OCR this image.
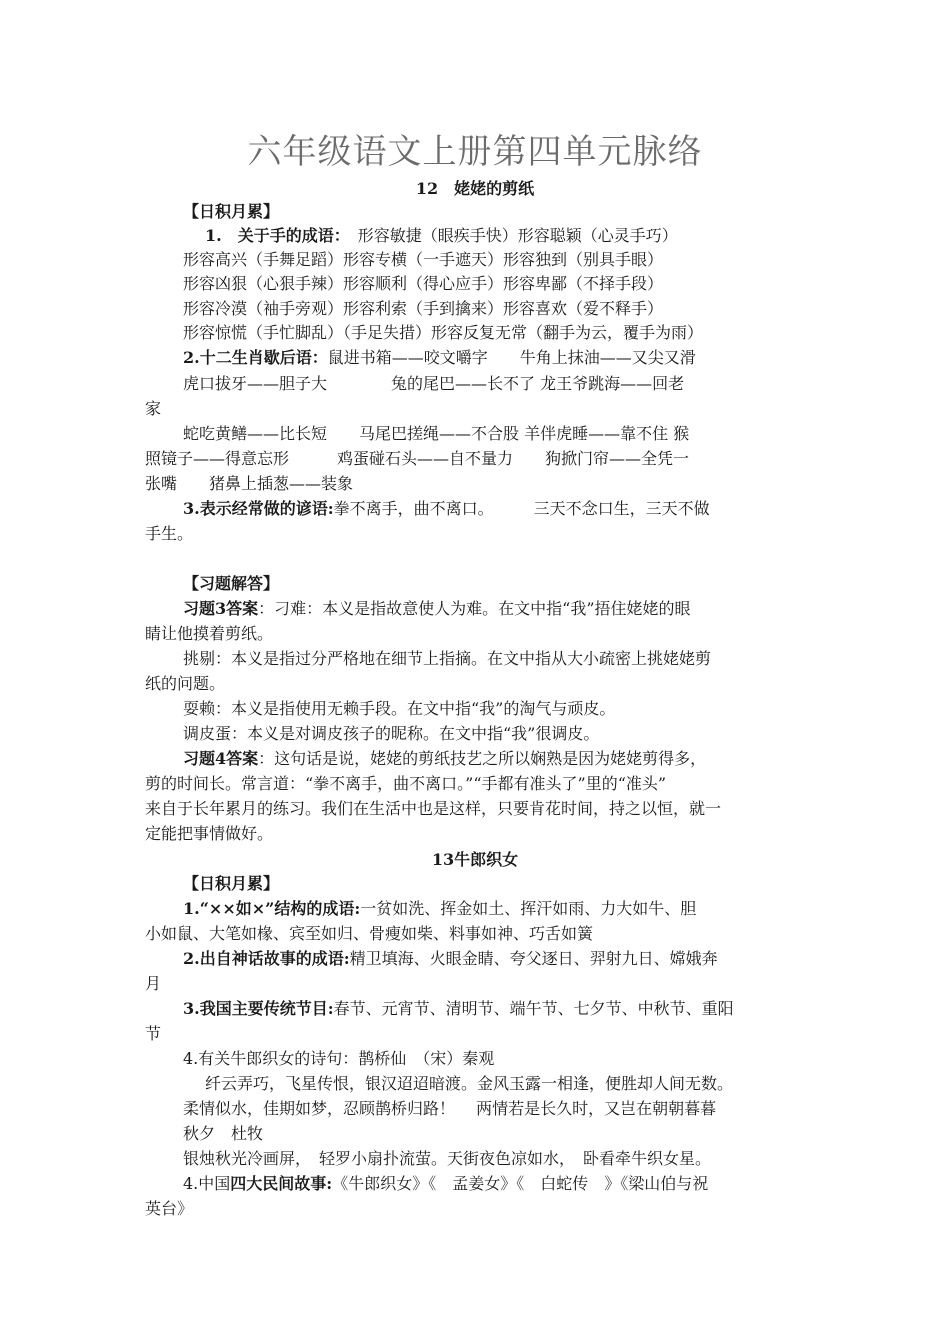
六年级语文上册第四单元脉络
12　姥姥的剪纸
【日积月累】
1.　关于手的成语：　形容敏捷（眼疾手快）形容聪颖（心灵手巧）
形容高兴（手舞足蹈）形容专横（一手遮天）形容独到（别具手眼）
形容凶狠（心狠手辣）形容顺利（得心应手）形容卑鄙（不择手段）
形容冷漠（袖手旁观）形容利索（手到擒来）形容喜欢（爱不释手）
形容惊慌（手忙脚乱）（手足失措）形容反复无常（翻手为云，覆手为雨）
2.十二生肖歇后语：鼠进书箱——咬文嚼字　　牛角上抹油——又尖又滑
虎口拔牙——胆子大　　　　兔的尾巴——长不了 龙王爷跳海——回老
家
蛇吃黄鳝——比长短　　马尾巴搓绳——不合股 羊伴虎睡——靠不住 猴
照镜子——得意忘形　　　鸡蛋碰石头——自不量力　　狗掀门帘——全凭一
张嘴　　猪鼻上插葱——装象
3.表示经常做的谚语:拳不离手，曲不离口。　　　三天不念口生，三天不做
手生。
【习题解答】
习题3答案：刁难：本义是指故意使人为难。在文中指“我”捂住姥姥的眼
睛让他摸着剪纸。
挑剔：本义是指过分严格地在细节上指摘。在文中指从大小疏密上挑姥姥剪
纸的问题。
耍赖：本义是指使用无赖手段。在文中指“我”的淘气与顽皮。
调皮蛋：本义是对调皮孩子的昵称。在文中指“我”很调皮。
习题4答案：这句话是说，姥姥的剪纸技艺之所以娴熟是因为姥姥剪得多，
剪的时间长。常言道：“拳不离手，曲不离口。”“手都有准头了”里的“准头”
来自于长年累月的练习。我们在生活中也是这样，只要肯花时间，持之以恒，就一
定能把事情做好。
13牛郎织女
【日积月累】
1.“××如×”结构的成语:一贫如洗、挥金如土、挥汗如雨、力大如牛、胆
小如鼠、大笔如椽、宾至如归、骨瘦如柴、料事如神、巧舌如簧
2.出自神话故事的成语:精卫填海、火眼金睛、夸父逐日、羿射九日、嫦娥奔
月
3.我国主要传统节目:春节、元宵节、清明节、端午节、七夕节、中秋节、重阳
节
4.有关牛郎织女的诗句：鹊桥仙　（宋）秦观
纤云弄巧，飞星传恨，银汉迢迢暗渡。金风玉露一相逢，便胜却人间无数。
柔情似水，佳期如梦，忍顾鹊桥归路！　 两情若是长久时，又岂在朝朝暮暮
秋夕　杜牧
银烛秋光冷画屏，　轻罗小扇扑流萤。天街夜色凉如水，　卧看牵牛织女星。
4.中国四大民间故事:《牛郎织女》《　孟姜女》《　白蛇传　》《梁山伯与祝
英台》
